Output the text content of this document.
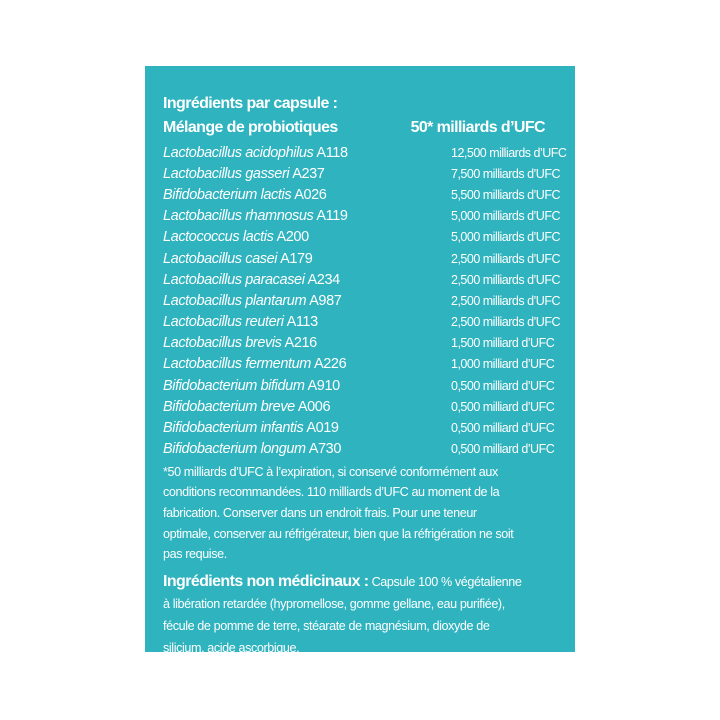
Ingrédients par capsule :
Mélange de probiotiques	50* milliards d’UFC
Lactobacillus acidophilus A118	12,500 milliards d’UFC
Lactobacillus gasseri A237	7,500 milliards d’UFC
Bifidobacterium lactis A026	5,500 milliards d’UFC
Lactobacillus rhamnosus A119	5,000 milliards d’UFC
Lactococcus lactis A200	5,000 milliards d’UFC
Lactobacillus casei A179	2,500 milliards d’UFC
Lactobacillus paracasei A234	2,500 milliards d’UFC
Lactobacillus plantarum A987	2,500 milliards d’UFC
Lactobacillus reuteri A113	2,500 milliards d’UFC
Lactobacillus brevis A216	1,500 milliard d’UFC
Lactobacillus fermentum A226	1,000 milliard d’UFC
Bifidobacterium bifidum A910	0,500 milliard d’UFC
Bifidobacterium breve A006	0,500 milliard d’UFC
Bifidobacterium infantis A019	0,500 milliard d’UFC
Bifidobacterium longum A730	0,500 milliard d’UFC
*50 milliards d’UFC à l’expiration, si conservé conformément aux conditions recommandées. 110 milliards d’UFC au moment de la fabrication. Conserver dans un endroit frais. Pour une teneur optimale, conserver au réfrigérateur, bien que la réfrigération ne soit pas requise.
Ingrédients non médicinaux : Capsule 100 % végétalienne à libération retardée (hypromellose, gomme gellane, eau purifiée), fécule de pomme de terre, stéarate de magnésium, dioxyde de silicium, acide ascorbique.
